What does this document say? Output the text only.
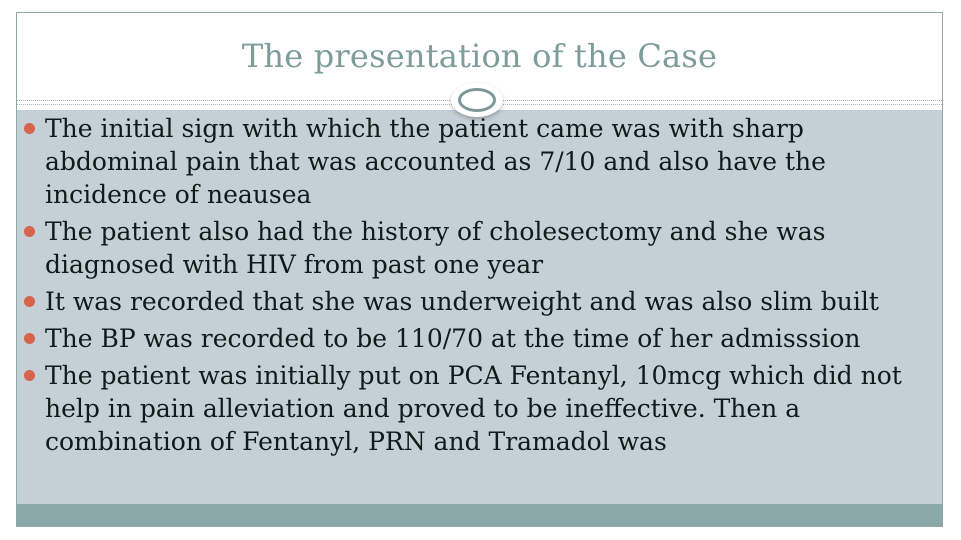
The presentation of the Case
The initial sign with which the patient came was with sharp abdominal pain that was accounted as 7/10 and also have the incidence of neausea
The patient also had the history of cholesectomy and she was diagnosed with HIV from past one year
It was recorded that she was underweight and was also slim built
The BP was recorded to be 110/70 at the time of her admisssion
The patient was initially put on PCA Fentanyl, 10mcg which did not help in pain alleviation and proved to be ineffective. Then a combination of Fentanyl, PRN and Tramadol was
